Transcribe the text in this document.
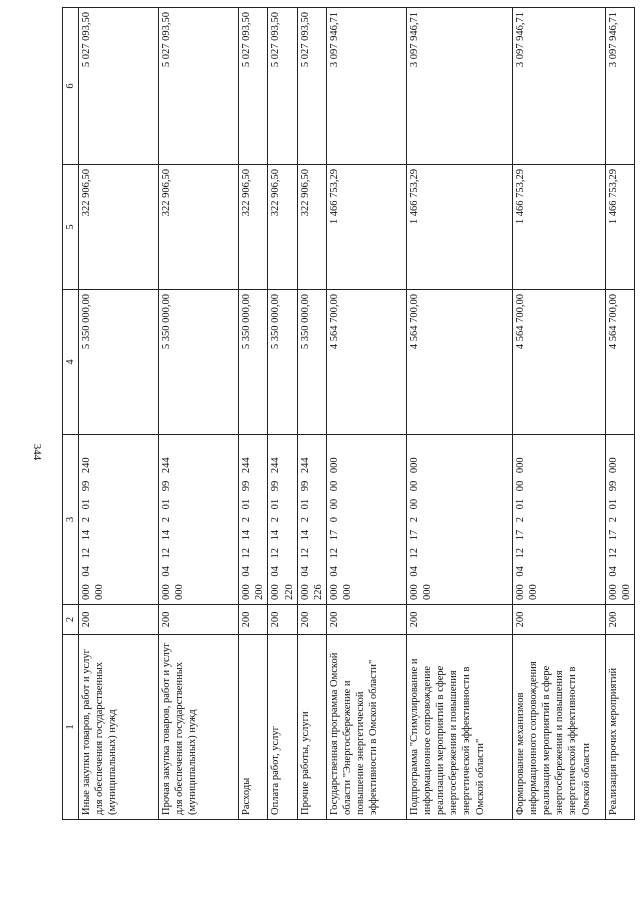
344
1	2	3	4	5	6
Иные закупки товаров, работ и услуг для обеспечения государственных (муниципальных) нужд	200	000 04 12 14 2 01 99 240 000	5 350 000,00	322 906,50	5 027 093,50
Прочая закупка товаров, работ и услуг для обеспечения государственных (муниципальных) нужд	200	000 04 12 14 2 01 99 244 000	5 350 000,00	322 906,50	5 027 093,50
Расходы	200	000 04 12 14 2 01 99 244 200	5 350 000,00	322 906,50	5 027 093,50
Оплата работ, услуг	200	000 04 12 14 2 01 99 244 220	5 350 000,00	322 906,50	5 027 093,50
Прочие работы, услуги	200	000 04 12 14 2 01 99 244 226	5 350 000,00	322 906,50	5 027 093,50
Государственная программа Омской области "Энергосбережение и повышение энергетической эффективности в Омской области"	200	000 04 12 17 0 00 00 000 000	4 564 700,00	1 466 753,29	3 097 946,71
Подпрограмма "Стимулирование и информационное сопровождение реализации мероприятий в сфере энергосбережения и повышения энергетической эффективности в Омской области"	200	000 04 12 17 2 00 00 000 000	4 564 700,00	1 466 753,29	3 097 946,71
Формирование механизмов информационного сопровождения реализации мероприятий в сфере энергосбережения и повышения энергетической эффективности в Омской области	200	000 04 12 17 2 01 00 000 000	4 564 700,00	1 466 753,29	3 097 946,71
Реализация прочих мероприятий	200	000 04 12 17 2 01 99 000 000	4 564 700,00	1 466 753,29	3 097 946,71
